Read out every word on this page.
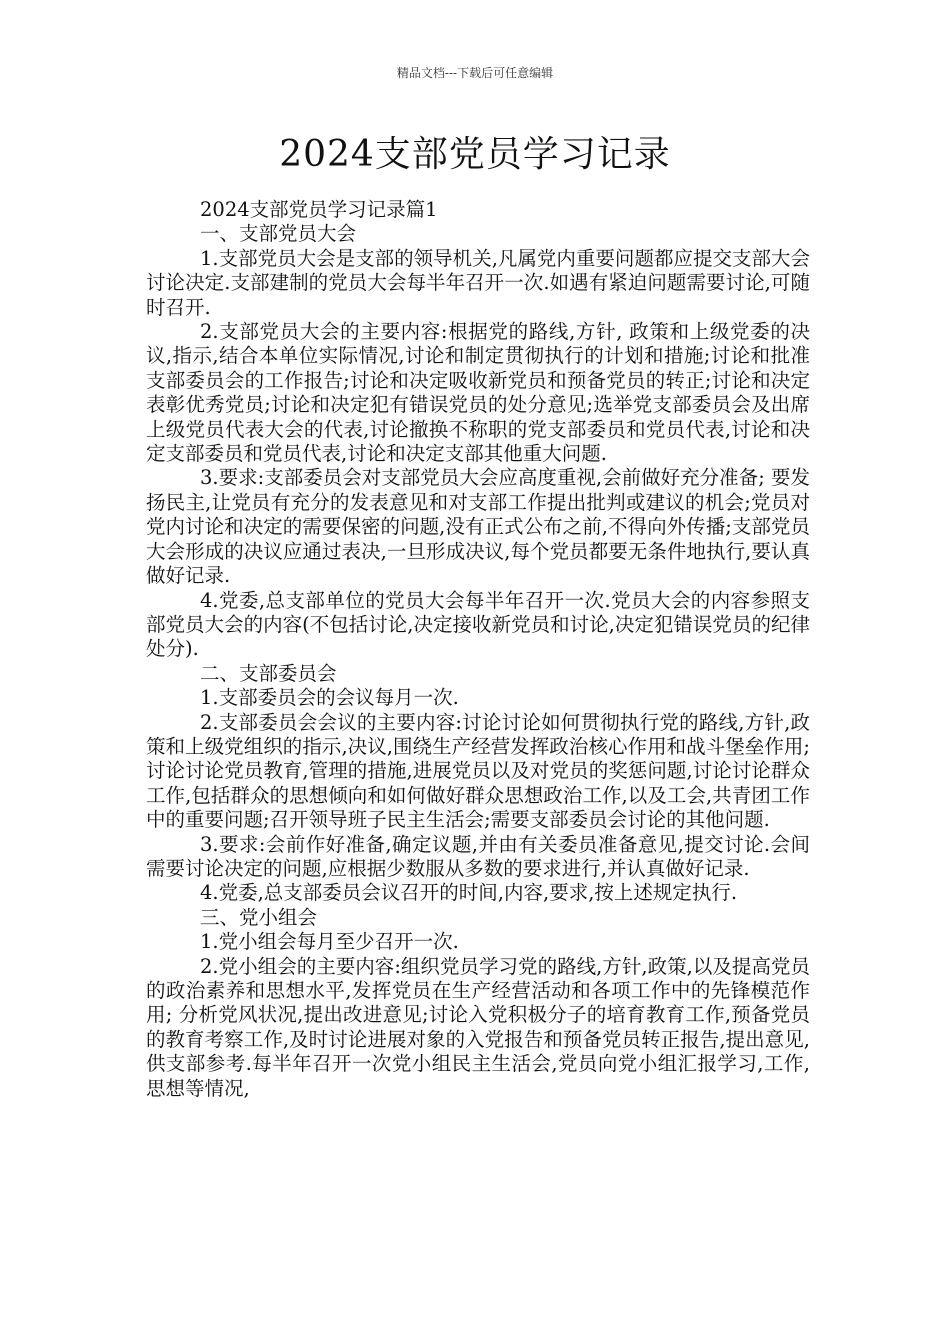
精品文档---下载后可任意编辑
2024支部党员学习记录

2024支部党员学习记录篇1

一、支部党员大会

1.支部党员大会是支部的领导机关,凡属党内重要问题都应提交支部大会讨论决定.支部建制的党员大会每半年召开一次.如遇有紧迫问题需要讨论,可随时召开.

2.支部党员大会的主要内容:根据党的路线,方针, 政策和上级党委的决议,指示,结合本单位实际情况,讨论和制定贯彻执行的计划和措施;讨论和批准支部委员会的工作报告;讨论和决定吸收新党员和预备党员的转正;讨论和决定表彰优秀党员;讨论和决定犯有错误党员的处分意见;选举党支部委员会及出席上级党员代表大会的代表,讨论撤换不称职的党支部委员和党员代表,讨论和决定支部委员和党员代表,讨论和决定支部其他重大问题.

3.要求:支部委员会对支部党员大会应高度重视,会前做好充分准备; 要发扬民主,让党员有充分的发表意见和对支部工作提出批判或建议的机会;党员对党内讨论和决定的需要保密的问题,没有正式公布之前,不得向外传播;支部党员大会形成的决议应通过表决,一旦形成决议,每个党员都要无条件地执行,要认真做好记录.

4.党委,总支部单位的党员大会每半年召开一次.党员大会的内容参照支部党员大会的内容(不包括讨论,决定接收新党员和讨论,决定犯错误党员的纪律处分).

二、支部委员会

1.支部委员会的会议每月一次.

2.支部委员会会议的主要内容:讨论讨论如何贯彻执行党的路线,方针,政策和上级党组织的指示,决议,围绕生产经营发挥政治核心作用和战斗堡垒作用;讨论讨论党员教育,管理的措施,进展党员以及对党员的奖惩问题,讨论讨论群众工作,包括群众的思想倾向和如何做好群众思想政治工作,以及工会,共青团工作中的重要问题;召开领导班子民主生活会;需要支部委员会讨论的其他问题.

3.要求:会前作好准备,确定议题,并由有关委员准备意见,提交讨论.会间需要讨论决定的问题,应根据少数服从多数的要求进行,并认真做好记录.

4.党委,总支部委员会议召开的时间,内容,要求,按上述规定执行.

三、党小组会

1.党小组会每月至少召开一次.

2.党小组会的主要内容:组织党员学习党的路线,方针,政策,以及提高党员的政治素养和思想水平,发挥党员在生产经营活动和各项工作中的先锋模范作用; 分析党风状况,提出改进意见;讨论入党积极分子的培育教育工作,预备党员的教育考察工作,及时讨论进展对象的入党报告和预备党员转正报告,提出意见,供支部参考.每半年召开一次党小组民主生活会,党员向党小组汇报学习,工作,思想等情况,
